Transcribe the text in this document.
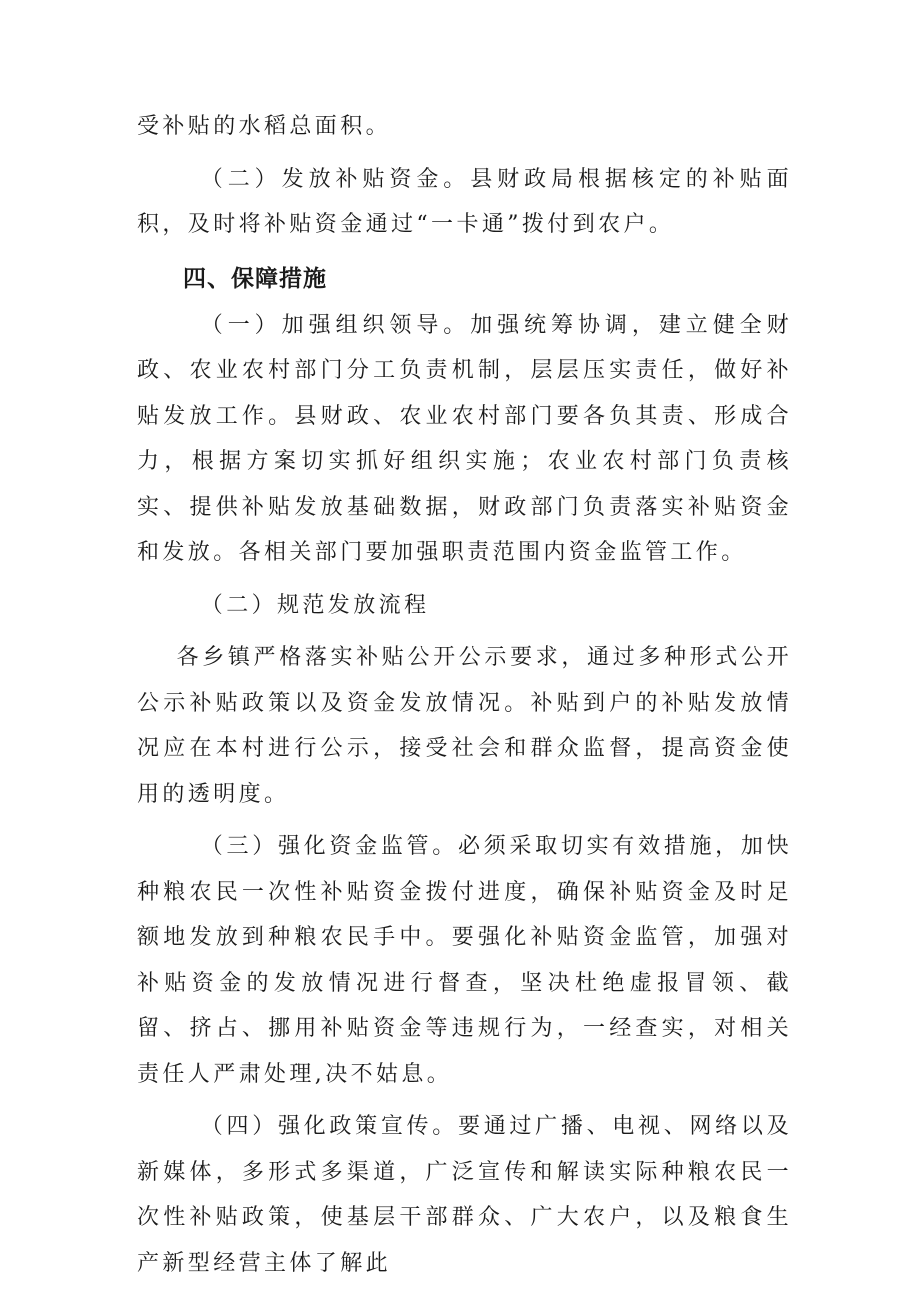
受补贴的水稻总面积。

（二）发放补贴资金。县财政局根据核定的补贴面积，及时将补贴资金通过“一卡通”拨付到农户。

四、保障措施

（一）加强组织领导。加强统筹协调，建立健全财政、农业农村部门分工负责机制，层层压实责任，做好补贴发放工作。县财政、农业农村部门要各负其责、形成合力，根据方案切实抓好组织实施；农业农村部门负责核实、提供补贴发放基础数据，财政部门负责落实补贴资金和发放。各相关部门要加强职责范围内资金监管工作。

（二）规范发放流程

各乡镇严格落实补贴公开公示要求，通过多种形式公开公示补贴政策以及资金发放情况。补贴到户的补贴发放情况应在本村进行公示，接受社会和群众监督，提高资金使用的透明度。

（三）强化资金监管。必须采取切实有效措施，加快种粮农民一次性补贴资金拨付进度，确保补贴资金及时足额地发放到种粮农民手中。要强化补贴资金监管，加强对补贴资金的发放情况进行督查，坚决杜绝虚报冒领、截留、挤占、挪用补贴资金等违规行为，一经查实，对相关责任人严肃处理,决不姑息。

（四）强化政策宣传。要通过广播、电视、网络以及新媒体，多形式多渠道，广泛宣传和解读实际种粮农民一次性补贴政策，使基层干部群众、广大农户，以及粮食生产新型经营主体了解此
